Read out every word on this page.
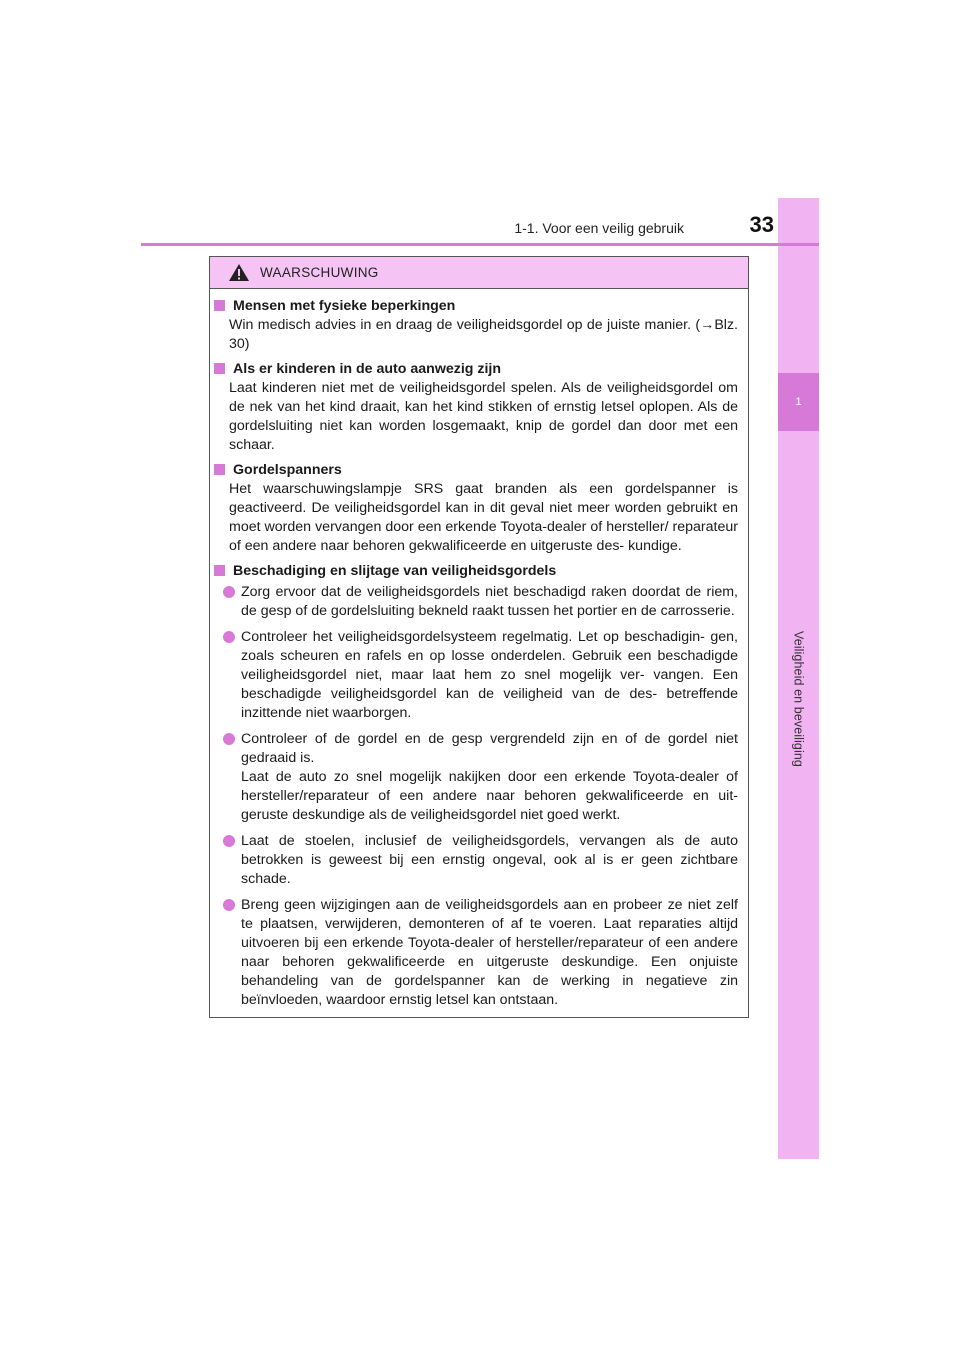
1
Veiligheid en beveiliging
1-1. Voor een veilig gebruik	33
WAARSCHUWING
Mensen met fysieke beperkingen
Win medisch advies in en draag de veiligheidsgordel op de juiste manier. (→Blz. 30)
Als er kinderen in de auto aanwezig zijn
Laat kinderen niet met de veiligheidsgordel spelen. Als de veiligheidsgordel om de nek van het kind draait, kan het kind stikken of ernstig letsel oplopen. Als de gordelsluiting niet kan worden losgemaakt, knip de gordel dan door met een schaar.
Gordelspanners
Het waarschuwingslampje SRS gaat branden als een gordelspanner is geactiveerd. De veiligheidsgordel kan in dit geval niet meer worden gebruikt en moet worden vervangen door een erkende Toyota-dealer of hersteller/ reparateur of een andere naar behoren gekwalificeerde en uitgeruste des- kundige.
Beschadiging en slijtage van veiligheidsgordels

Zorg ervoor dat de veiligheidsgordels niet beschadigd raken doordat de riem, de gesp of de gordelsluiting bekneld raakt tussen het portier en de carrosserie.

Controleer het veiligheidsgordelsysteem regelmatig. Let op beschadigin- gen, zoals scheuren en rafels en op losse onderdelen. Gebruik een beschadigde veiligheidsgordel niet, maar laat hem zo snel mogelijk ver- vangen. Een beschadigde veiligheidsgordel kan de veiligheid van de des- betreffende inzittende niet waarborgen.

Controleer of de gordel en de gesp vergrendeld zijn en of de gordel niet gedraaid is.

Laat de auto zo snel mogelijk nakijken door een erkende Toyota-dealer of hersteller/reparateur of een andere naar behoren gekwalificeerde en uit- geruste deskundige als de veiligheidsgordel niet goed werkt.

Laat de stoelen, inclusief de veiligheidsgordels, vervangen als de auto betrokken is geweest bij een ernstig ongeval, ook al is er geen zichtbare schade.

Breng geen wijzigingen aan de veiligheidsgordels aan en probeer ze niet zelf te plaatsen, verwijderen, demonteren of af te voeren. Laat reparaties altijd uitvoeren bij een erkende Toyota-dealer of hersteller/reparateur of een andere naar behoren gekwalificeerde en uitgeruste deskundige. Een onjuiste behandeling van de gordelspanner kan de werking in negatieve zin beïnvloeden, waardoor ernstig letsel kan ontstaan.
